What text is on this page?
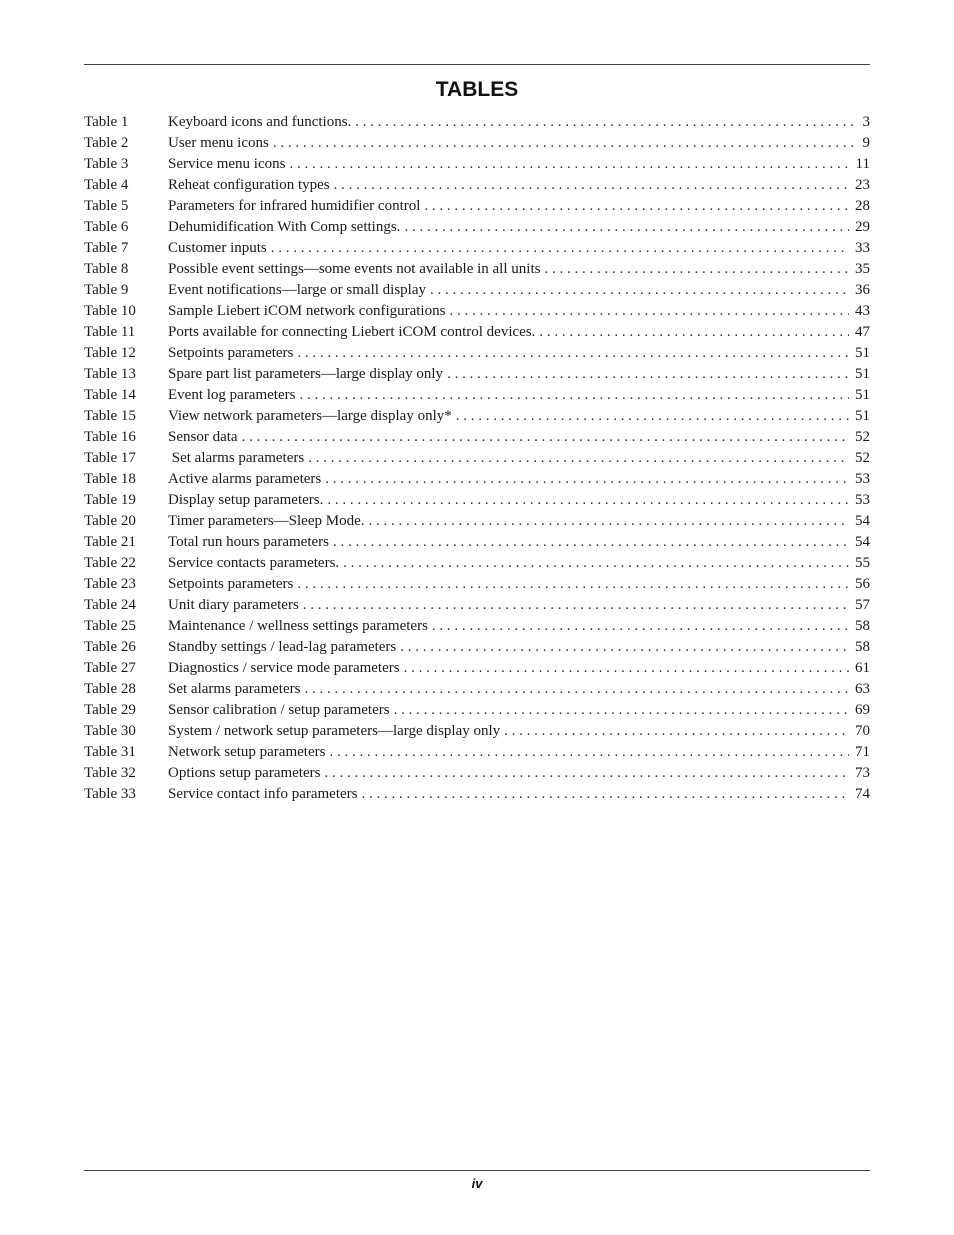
TABLES
Table 1	Keyboard icons and functions. . . .	3
Table 2	User menu icons . . .	9
Table 3	Service menu icons . . .	11
Table 4	Reheat configuration types . . .	23
Table 5	Parameters for infrared humidifier control . . .	28
Table 6	Dehumidification With Comp settings. . . .	29
Table 7	Customer inputs . . .	33
Table 8	Possible event settings—some events not available in all units . . .	35
Table 9	Event notifications—large or small display . . .	36
Table 10	Sample Liebert iCOM network configurations . . .	43
Table 11	Ports available for connecting Liebert iCOM control devices. . . .	47
Table 12	Setpoints parameters . . .	51
Table 13	Spare part list parameters—large display only . . .	51
Table 14	Event log parameters . . .	51
Table 15	View network parameters—large display only* . . .	51
Table 16	Sensor data . . .	52
Table 17	Set alarms parameters . . .	52
Table 18	Active alarms parameters . . .	53
Table 19	Display setup parameters. . . .	53
Table 20	Timer parameters—Sleep Mode. . . .	54
Table 21	Total run hours parameters . . .	54
Table 22	Service contacts parameters. . . .	55
Table 23	Setpoints parameters . . .	56
Table 24	Unit diary parameters . . .	57
Table 25	Maintenance / wellness settings parameters . . .	58
Table 26	Standby settings / lead-lag parameters . . .	58
Table 27	Diagnostics / service mode parameters . . .	61
Table 28	Set alarms parameters . . .	63
Table 29	Sensor calibration / setup parameters . . .	69
Table 30	System / network setup parameters—large display only . . .	70
Table 31	Network setup parameters . . .	71
Table 32	Options setup parameters . . .	73
Table 33	Service contact info parameters . . .	74
iv
